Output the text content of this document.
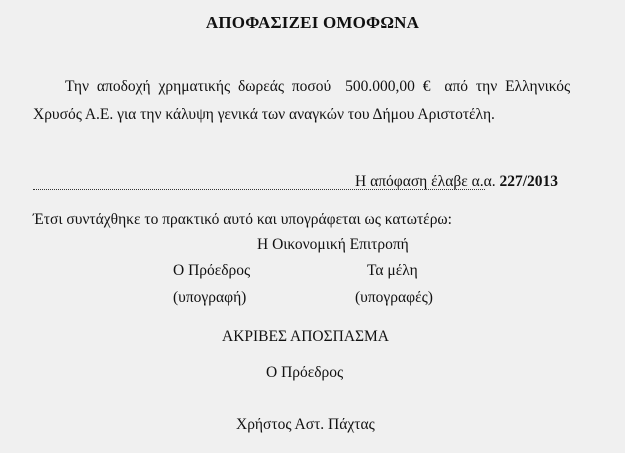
ΑΠΟΦΑΣΙΖΕΙ ΟΜΟΦΩΝΑ
Την αποδοχή χρηματικής δωρεάς ποσού 500.000,00 € από την Ελληνικός
Χρυσός Α.Ε. για την κάλυψη γενικά των αναγκών του Δήμου Αριστοτέλη.
Η απόφαση έλαβε α.α. 227/2013
Έτσι συντάχθηκε το πρακτικό αυτό και υπογράφεται ως κατωτέρω:
Η Οικονομική Επιτροπή
Ο Πρόεδρος	Τα μέλη
(υπογραφή)	(υπογραφές)
ΑΚΡΙΒΕΣ ΑΠΟΣΠΑΣΜΑ
Ο Πρόεδρος
Χρήστος Αστ. Πάχτας
